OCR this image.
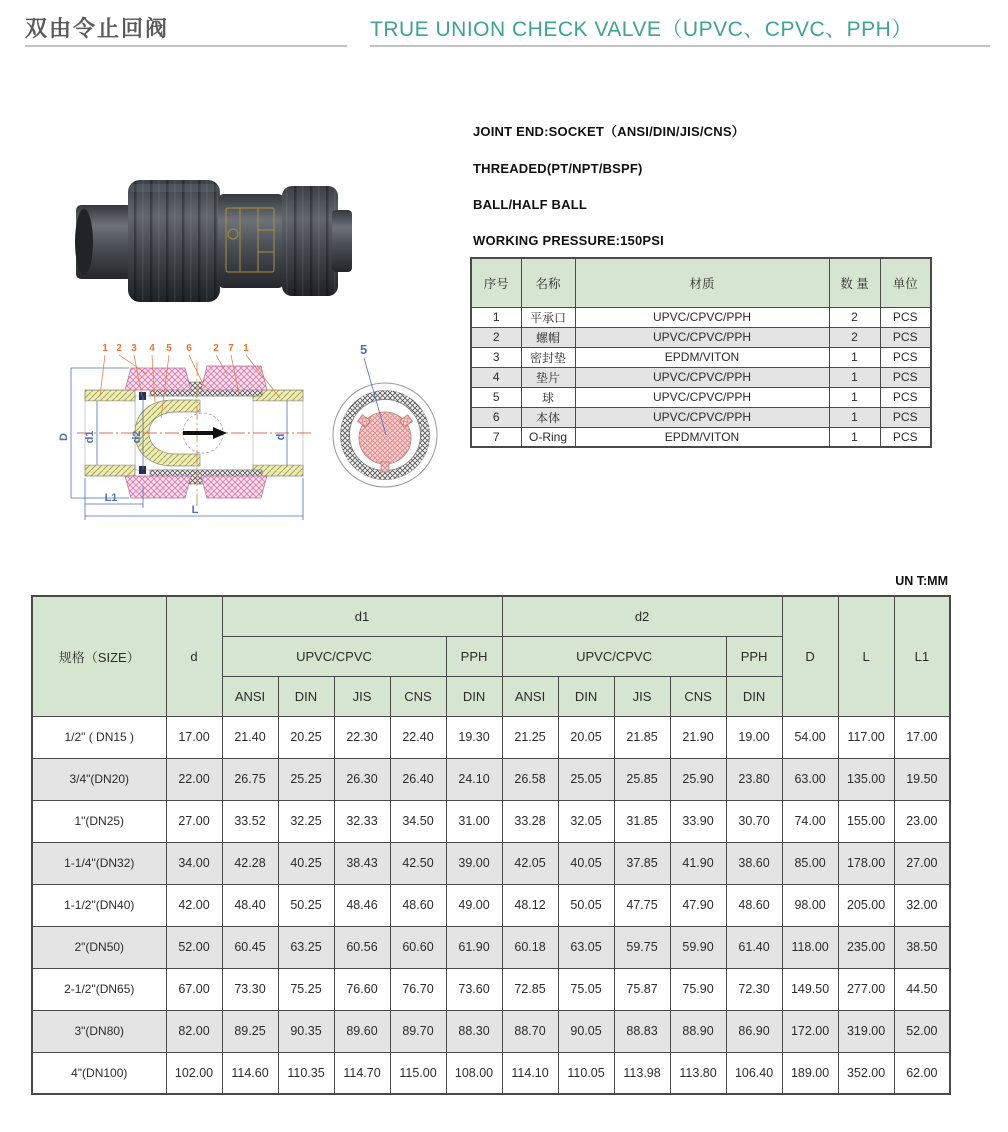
双由令止回阀	TRUE UNION CHECK VALVE（UPVC、CPVC、PPH）
JOINT END:SOCKET（ANSI/DIN/JIS/CNS）
THREADED(PT/NPT/BSPF)
BALL/HALF BALL
WORKING PRESSURE:150PSI
序号	名称	材质	数 量	单位
1	平承口	UPVC/CPVC/PPH	2	PCS
2	螺帽	UPVC/CPVC/PPH	2	PCS
3	密封垫	EPDM/VITON	1	PCS
4	垫片	UPVC/CPVC/PPH	1	PCS
5	球	UPVC/CPVC/PPH	1	PCS
6	本体	UPVC/CPVC/PPH	1	PCS
7	O-Ring	EPDM/VITON	1	PCS
D d1	d2	d
L1
L
1 2 3 4 5 6 2 7 1	5
UN T:MM
规格（SIZE）	d	d1					d2					D	L	L1
		UPVC/CPVC				PPH	UPVC/CPVC				PPH			
		ANSI	DIN	JIS	CNS	DIN	ANSI	DIN	JIS	CNS	DIN			
1/2" ( DN15 )	17.00	21.40	20.25	22.30	22.40	19.30	21.25	20.05	21.85	21.90	19.00	54.00	117.00	17.00
3/4"(DN20)	22.00	26.75	25.25	26.30	26.40	24.10	26.58	25.05	25.85	25.90	23.80	63.00	135.00	19.50
1"(DN25)	27.00	33.52	32.25	32.33	34.50	31.00	33.28	32.05	31.85	33.90	30.70	74.00	155.00	23.00
1-1/4"(DN32)	34.00	42.28	40.25	38.43	42.50	39.00	42.05	40.05	37.85	41.90	38.60	85.00	178.00	27.00
1-1/2"(DN40)	42.00	48.40	50.25	48.46	48.60	49.00	48.12	50.05	47.75	47.90	48.60	98.00	205.00	32.00
2"(DN50)	52.00	60.45	63.25	60.56	60.60	61.90	60.18	63.05	59.75	59.90	61.40	118.00	235.00	38.50
2-1/2"(DN65)	67.00	73.30	75.25	76.60	76.70	73.60	72.85	75.05	75.87	75.90	72.30	149.50	277.00	44.50
3"(DN80)	82.00	89.25	90.35	89.60	89.70	88.30	88.70	90.05	88.83	88.90	86.90	172.00	319.00	52.00
4"(DN100)	102.00	114.60	110.35	114.70	115.00	108.00	114.10	110.05	113.98	113.80	106.40	189.00	352.00	62.00
